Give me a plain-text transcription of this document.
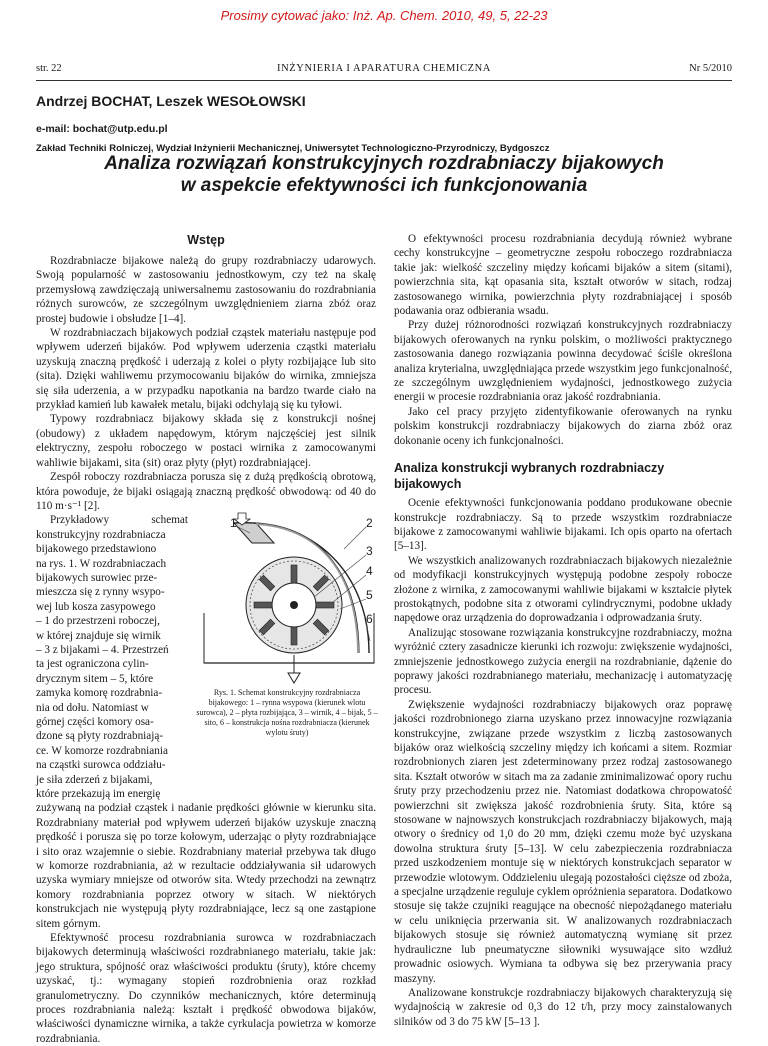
Prosimy cytować jako: Inż. Ap. Chem. 2010, 49, 5, 22-23
str. 22	INŻYNIERIA I APARATURA CHEMICZNA	Nr 5/2010
Andrzej BOCHAT, Leszek WESOŁOWSKI
e-mail: bochat@utp.edu.pl
Zakład Techniki Rolniczej, Wydział Inżynierii Mechanicznej, Uniwersytet Technologiczno-Przyrodniczy, Bydgoszcz
Analiza rozwiązań konstrukcyjnych rozdrabniaczy bijakowych
w aspekcie efektywności ich funkcjonowania
Wstęp

Rozdrabniacze bijakowe należą do grupy rozdrabniaczy udarowych. Swoją popularność w zastosowaniu jednostkowym, czy też na skalę przemysłową zawdzięczają uniwersalnemu zastosowaniu do rozdrabniania różnych surowców, ze szczególnym uwzględnieniem ziarna zbóż oraz prostej budowie i obsłudze [1–4].

W rozdrabniaczach bijakowych podział cząstek materiału następuje pod wpływem uderzeń bijaków. Pod wpływem uderzenia cząstki materiału uzyskują znaczną prędkość i uderzają z kolei o płyty rozbijające lub sito (sita). Dzięki wahliwemu przymocowaniu bijaków do wirnika, zmniejsza się siła uderzenia, a w przypadku napotkania na bardzo twarde ciało na przykład kamień lub kawałek metalu, bijaki odchylają się ku tyłowi.

Typowy rozdrabniacz bijakowy składa się z konstrukcji nośnej (obudowy) z układem napędowym, którym najczęściej jest silnik elektryczny, zespołu roboczego w postaci wirnika z zamocowanymi wahliwie bijakami, sita (sit) oraz płyty (płyt) rozdrabniającej.

Zespół roboczy rozdrabniacza porusza się z dużą prędkością obrotową, która powoduje, że bijaki osiągają znaczną prędkość obwodową: od 40 do 110 m·s⁻¹ [2].

Przykładowy schemat
konstrukcyjny rozdrabniacza
bijakowego przedstawiono
na rys. 1. W rozdrabniaczach
bijakowych surowiec prze-
mieszcza się z rynny wsypo-
wej lub kosza zasypowego
– 1 do przestrzeni roboczej,
w której znajduje się wirnik
– 3 z bijakami – 4. Przestrzeń
ta jest ograniczona cylin-
drycznym sitem – 5, które
zamyka komorę rozdrabnia-
nia od dołu. Natomiast w
górnej części komory osa-
dzone są płyty rozdrabniają-
ce. W komorze rozdrabniania
na cząstki surowca oddziału-
je siła zderzeń z bijakami,
które przekazują im energię
1	2
3
4
5
6
Rys. 1. Schemat konstrukcyjny rozdrabniacza bijakowego: 1 – rynna wsypowa (kierunek wlotu surowca), 2 – płyta rozbijająca, 3 – wirnik, 4 – bijak, 5 – sito, 6 – konstrukcja nośna rozdrabniacza (kierunek wylotu śruty)

zużywaną na podział cząstek i nadanie prędkości głównie w kierunku sita. Rozdrabniany materiał pod wpływem uderzeń bijaków uzyskuje znaczną prędkość i porusza się po torze kołowym, uderzając o płyty rozdrabniające i sito oraz wzajemnie o siebie. Rozdrabniany materiał przebywa tak długo w komorze rozdrabniania, aż w rezultacie oddziaływania sił udarowych uzyska wymiary mniejsze od otworów sita. Wtedy przechodzi na zewnątrz komory rozdrabniania poprzez otwory w sitach. W niektórych konstrukcjach nie występują płyty rozdrabniające, lecz są one zastąpione sitem górnym.

Efektywność procesu rozdrabniania surowca w rozdrabniaczach bijakowych determinują właściwości rozdrabnianego materiału, takie jak: jego struktura, spójność oraz właściwości produktu (śruty), które chcemy uzyskać, tj.: wymagany stopień rozdrobnienia oraz rozkład granulometryczny. Do czynników mechanicznych, które determinują proces rozdrabniania należą: kształt i prędkość obwodowa bijaków, właściwości dynamiczne wirnika, a także cyrkulacja powietrza w komorze rozdrabniania.

O efektywności procesu rozdrabniania decydują również wybrane cechy konstrukcyjne – geometryczne zespołu roboczego rozdrabniacza takie jak: wielkość szczeliny między końcami bijaków a sitem (sitami), powierzchnia sita, kąt opasania sita, kształt otworów w sitach, rodzaj zastosowanego wirnika, powierzchnia płyty rozdrabniającej i sposób podawania oraz odbierania wsadu.

Przy dużej różnorodności rozwiązań konstrukcyjnych rozdrabniaczy bijakowych oferowanych na rynku polskim, o możliwości praktycznego zastosowania danego rozwiązania powinna decydować ściśle określona analiza kryterialna, uwzględniająca przede wszystkim jego funkcjonalność, ze szczególnym uwzględnieniem wydajności, jednostkowego zużycia energii w procesie rozdrabniania oraz jakość rozdrabniania.

Jako cel pracy przyjęto zidentyfikowanie oferowanych na rynku polskim konstrukcji rozdrabniaczy bijakowych do ziarna zbóż oraz dokonanie oceny ich funkcjonalności.

Analiza konstrukcji wybranych rozdrabniaczy bijakowych

Ocenie efektywności funkcjonowania poddano produkowane obecnie konstrukcje rozdrabniaczy. Są to przede wszystkim rozdrabniacze bijakowe z zamocowanymi wahliwie bijakami. Ich opis oparto na ofertach [5–13].

We wszystkich analizowanych rozdrabniaczach bijakowych niezależnie od modyfikacji konstrukcyjnych występują podobne zespoły robocze złożone z wirnika, z zamocowanymi wahliwie bijakami w kształcie płytek prostokątnych, podobne sita z otworami cylindrycznymi, podobne układy napędowe oraz urządzenia do doprowadzania i odprowadzania śruty.

Analizując stosowane rozwiązania konstrukcyjne rozdrabniaczy, można wyróżnić cztery zasadnicze kierunki ich rozwoju: zwiększenie wydajności, zmniejszenie jednostkowego zużycia energii na rozdrabnianie, dążenie do poprawy jakości rozdrabnianego materiału, mechanizację i automatyzację procesu.

Zwiększenie wydajności rozdrabniaczy bijakowych oraz poprawę jakości rozdrobnionego ziarna uzyskano przez innowacyjne rozwiązania konstrukcyjne, związane przede wszystkim z liczbą zastosowanych bijaków oraz wielkością szczeliny między ich końcami a sitem. Rozmiar rozdrobnionych ziaren jest zdeterminowany przez rodzaj zastosowanego sita. Kształt otworów w sitach ma za zadanie zminimalizować opory ruchu śruty przy przechodzeniu przez nie. Natomiast dodatkowa chropowatość powierzchni sit zwiększa jakość rozdrobnienia śruty. Sita, które są stosowane w najnowszych konstrukcjach rozdrabniaczy bijakowych, mają otwory o średnicy od 1,0 do 20 mm, dzięki czemu może być uzyskana dowolna struktura śruty [5–13]. W celu zabezpieczenia rozdrabniacza przed uszkodzeniem montuje się w niektórych konstrukcjach separator w przewodzie wlotowym. Oddzieleniu ulegają pozostałości cięższe od zboża, a specjalne urządzenie reguluje cyklem opróżnienia separatora. Dodatkowo stosuje się także czujniki reagujące na obecność niepożądanego materiału w celu uniknięcia przerwania sit. W analizowanych rozdrabniaczach bijakowych stosuje się również automatyczną wymianę sit przez hydrauliczne lub pneumatyczne siłowniki wysuwające sito wzdłuż prowadnic osiowych. Wymiana ta odbywa się bez przerywania pracy maszyny.

Analizowane konstrukcje rozdrabniaczy bijakowych charakteryzują się wydajnością w zakresie od 0,3 do 12 t/h, przy mocy zainstalowanych silników od 3 do 75 kW [5–13 ].
